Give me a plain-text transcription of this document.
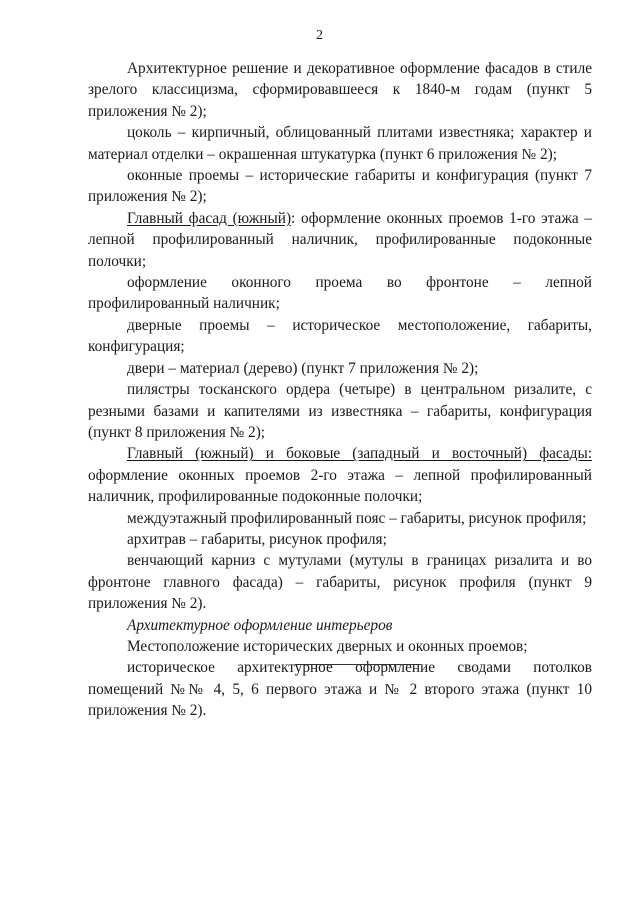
2

Архитектурное решение и декоративное оформление фасадов в стиле зрелого классицизма, сформировавшееся к 1840-м годам (пункт 5 приложения № 2);

цоколь – кирпичный, облицованный плитами известняка; характер и материал отделки – окрашенная штукатурка (пункт 6 приложения № 2);

оконные проемы – исторические габариты и конфигурация (пункт 7 приложения № 2);

Главный фасад (южный): оформление оконных проемов 1-го этажа – лепной профилированный наличник, профилированные подоконные полочки;

оформление оконного проема во фронтоне – лепной профилированный наличник;

дверные проемы – историческое местоположение, габариты, конфигурация;

двери – материал (дерево) (пункт 7 приложения № 2);

пилястры тосканского ордера (четыре) в центральном ризалите, с резными базами и капителями из известняка – габариты, конфигурация (пункт 8 приложения № 2);

Главный (южный) и боковые (западный и восточный) фасады: оформление оконных проемов 2-го этажа – лепной профилированный наличник, профилированные подоконные полочки;

междуэтажный профилированный пояс – габариты, рисунок профиля;

архитрав – габариты, рисунок профиля;

венчающий карниз с мутулами (мутулы в границах ризалита и во фронтоне главного фасада) – габариты, рисунок профиля (пункт 9 приложения № 2).

Архитектурное оформление интерьеров

Местоположение исторических дверных и оконных проемов;

историческое архитектурное оформление сводами потолков помещений №№ 4, 5, 6 первого этажа и № 2 второго этажа (пункт 10 приложения № 2).
